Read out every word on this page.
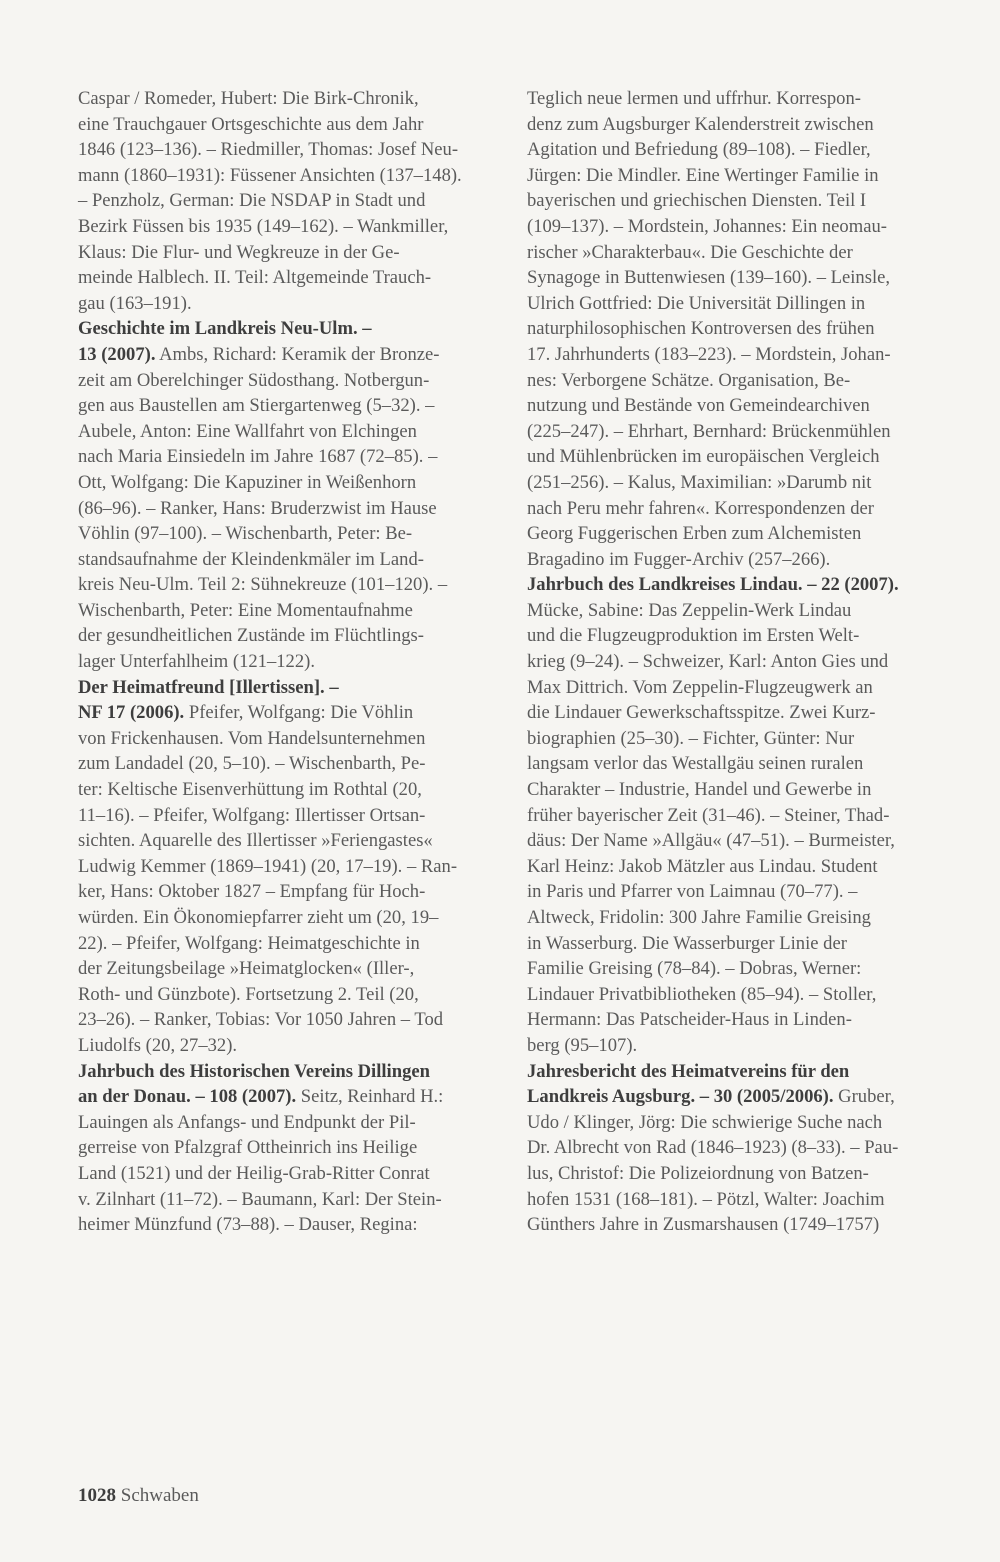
Caspar / Romeder, Hubert: Die Birk-Chronik,
eine Trauchgauer Ortsgeschichte aus dem Jahr
1846 (123–136). – Riedmiller, Thomas: Josef Neu-
mann (1860–1931): Füssener Ansichten (137–148).
– Penzholz, German: Die NSDAP in Stadt und
Bezirk Füssen bis 1935 (149–162). – Wankmiller,
Klaus: Die Flur- und Wegkreuze in der Ge-
meinde Halblech. II. Teil: Altgemeinde Trauch-
gau (163–191).
Geschichte im Landkreis Neu-Ulm. –
13 (2007). Ambs, Richard: Keramik der Bronze-
zeit am Oberelchinger Südosthang. Notbergun-
gen aus Baustellen am Stiergartenweg (5–32). –
Aubele, Anton: Eine Wallfahrt von Elchingen
nach Maria Einsiedeln im Jahre 1687 (72–85). –
Ott, Wolfgang: Die Kapuziner in Weißenhorn
(86–96). – Ranker, Hans: Bruderzwist im Hause
Vöhlin (97–100). – Wischenbarth, Peter: Be-
standsaufnahme der Kleindenkmäler im Land-
kreis Neu-Ulm. Teil 2: Sühnekreuze (101–120). –
Wischenbarth, Peter: Eine Momentaufnahme
der gesundheitlichen Zustände im Flüchtlings-
lager Unterfahlheim (121–122).
Der Heimatfreund [Illertissen]. –
NF 17 (2006). Pfeifer, Wolfgang: Die Vöhlin
von Frickenhausen. Vom Handelsunternehmen
zum Landadel (20, 5–10). – Wischenbarth, Pe-
ter: Keltische Eisenverhüttung im Rothtal (20,
11–16). – Pfeifer, Wolfgang: Illertisser Ortsan-
sichten. Aquarelle des Illertisser »Feriengastes«
Ludwig Kemmer (1869–1941) (20, 17–19). – Ran-
ker, Hans: Oktober 1827 – Empfang für Hoch-
würden. Ein Ökonomiepfarrer zieht um (20, 19–
22). – Pfeifer, Wolfgang: Heimatgeschichte in
der Zeitungsbeilage »Heimatglocken« (Iller-,
Roth- und Günzbote). Fortsetzung 2. Teil (20,
23–26). – Ranker, Tobias: Vor 1050 Jahren – Tod
Liudolfs (20, 27–32).
Jahrbuch des Historischen Vereins Dillingen
an der Donau. – 108 (2007). Seitz, Reinhard H.:
Lauingen als Anfangs- und Endpunkt der Pil-
gerreise von Pfalzgraf Ottheinrich ins Heilige
Land (1521) und der Heilig-Grab-Ritter Conrat
v. Zilnhart (11–72). – Baumann, Karl: Der Stein-
heimer Münzfund (73–88). – Dauser, Regina:
Teglich neue lermen und uffrhur. Korrespon-
denz zum Augsburger Kalenderstreit zwischen
Agitation und Befriedung (89–108). – Fiedler,
Jürgen: Die Mindler. Eine Wertinger Familie in
bayerischen und griechischen Diensten. Teil I
(109–137). – Mordstein, Johannes: Ein neomau-
rischer »Charakterbau«. Die Geschichte der
Synagoge in Buttenwiesen (139–160). – Leinsle,
Ulrich Gottfried: Die Universität Dillingen in
naturphilosophischen Kontroversen des frühen
17. Jahrhunderts (183–223). – Mordstein, Johan-
nes: Verborgene Schätze. Organisation, Be-
nutzung und Bestände von Gemeindearchiven
(225–247). – Ehrhart, Bernhard: Brückenmühlen
und Mühlenbrücken im europäischen Vergleich
(251–256). – Kalus, Maximilian: »Darumb nit
nach Peru mehr fahren«. Korrespondenzen der
Georg Fuggerischen Erben zum Alchemisten
Bragadino im Fugger-Archiv (257–266).
Jahrbuch des Landkreises Lindau. – 22 (2007).
Mücke, Sabine: Das Zeppelin-Werk Lindau
und die Flugzeugproduktion im Ersten Welt-
krieg (9–24). – Schweizer, Karl: Anton Gies und
Max Dittrich. Vom Zeppelin-Flugzeugwerk an
die Lindauer Gewerkschaftsspitze. Zwei Kurz-
biographien (25–30). – Fichter, Günter: Nur
langsam verlor das Westallgäu seinen ruralen
Charakter – Industrie, Handel und Gewerbe in
früher bayerischer Zeit (31–46). – Steiner, Thad-
däus: Der Name »Allgäu« (47–51). – Burmeister,
Karl Heinz: Jakob Mätzler aus Lindau. Student
in Paris und Pfarrer von Laimnau (70–77). –
Altweck, Fridolin: 300 Jahre Familie Greising
in Wasserburg. Die Wasserburger Linie der
Familie Greising (78–84). – Dobras, Werner:
Lindauer Privatbibliotheken (85–94). – Stoller,
Hermann: Das Patscheider-Haus in Linden-
berg (95–107).
Jahresbericht des Heimatvereins für den
Landkreis Augsburg. – 30 (2005/2006). Gruber,
Udo / Klinger, Jörg: Die schwierige Suche nach
Dr. Albrecht von Rad (1846–1923) (8–33). – Pau-
lus, Christof: Die Polizeiordnung von Batzen-
hofen 1531 (168–181). – Pötzl, Walter: Joachim
Günthers Jahre in Zusmarshausen (1749–1757)
1028 Schwaben
